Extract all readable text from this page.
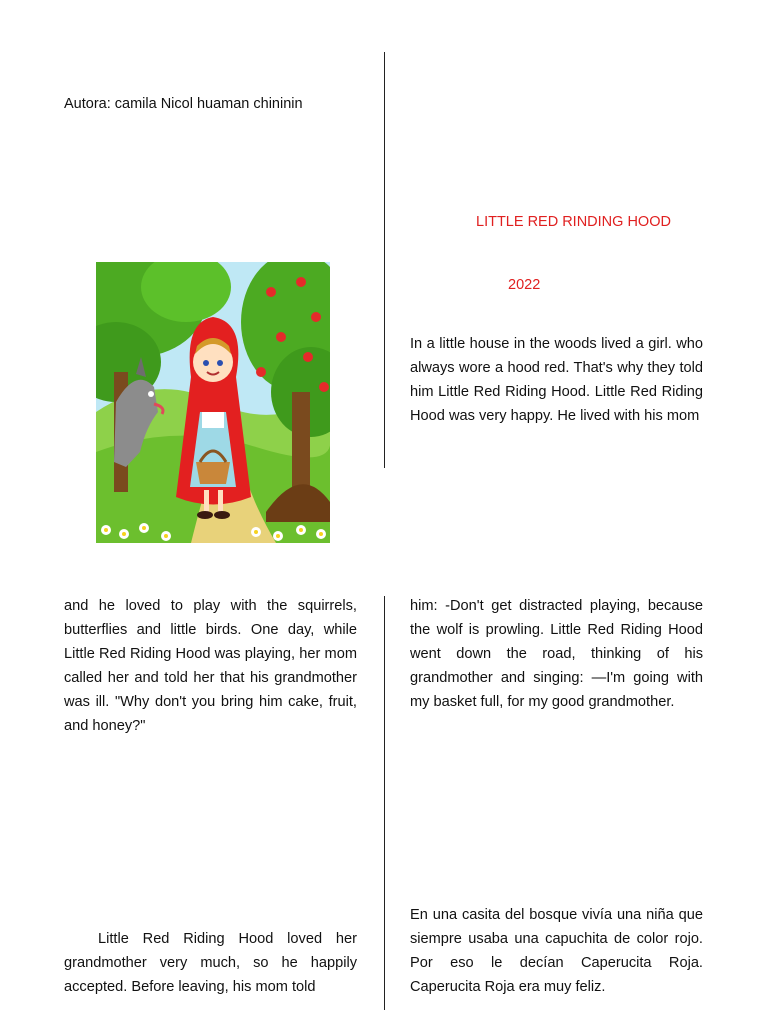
Autora: camila Nicol huaman chininin
LITTLE RED RINDING HOOD
2022
In a little house in the woods lived a girl. who always wore a hood red. That's why they told him Little Red Riding Hood. Little Red Riding Hood was very happy. He lived with his mom
and he loved to play with the squirrels, butterflies and little birds. One day, while Little Red Riding Hood was playing, her mom called her and told her that his grandmother was ill. "Why don't you bring him cake, fruit, and honey?"
him: -Don't get distracted playing, because the wolf is prowling. Little Red Riding Hood went down the road, thinking of his grandmother and singing: —I'm going with my basket full, for my good grandmother.
Little Red Riding Hood loved her grandmother very much, so he happily accepted. Before leaving, his mom told
En una casita del bosque vivía una niña que siempre usaba una capuchita de color rojo. Por eso le decían Caperucita Roja. Caperucita Roja era muy feliz.
